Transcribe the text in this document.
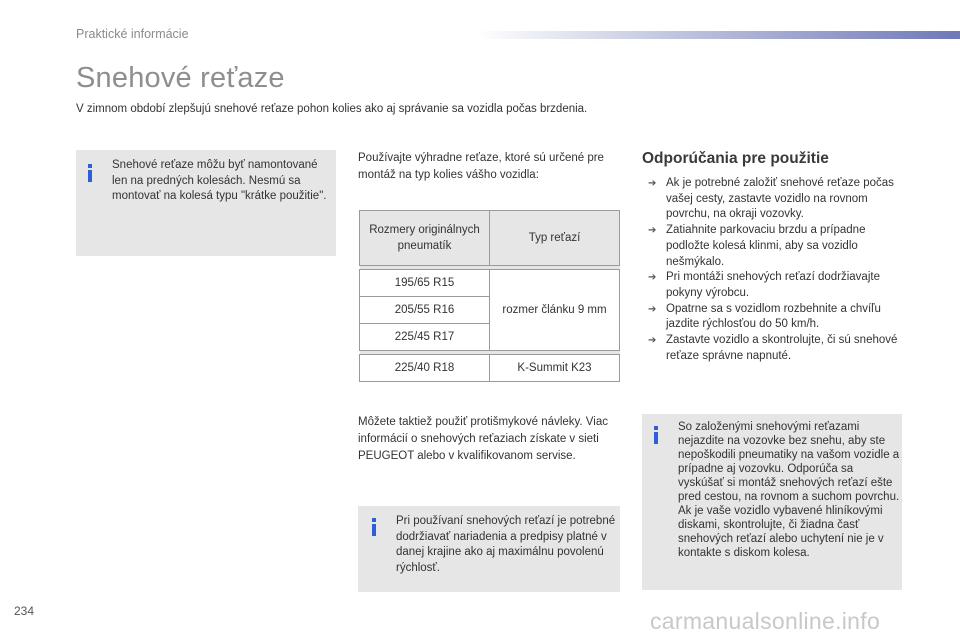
Praktické informácie
Snehové reťaze
V zimnom období zlepšujú snehové reťaze pohon kolies ako aj správanie sa vozidla počas brzdenia.
Snehové reťaze môžu byť namontované len na predných kolesách. Nesmú sa montovať na kolesá typu "krátke použitie".
Používajte výhradne reťaze, ktoré sú určené pre montáž na typ kolies vášho vozidla:
Rozmery originálnych pneumatík	Typ reťazí

195/65 R15	rozmer článku 9 mm
205/55 R16	
225/45 R17	

225/40 R18	K-Summit K23
Môžete taktiež použiť protišmykové návleky. Viac informácií o snehových reťaziach získate v sieti PEUGEOT alebo v kvalifikovanom servise.
Pri používaní snehových reťazí je potrebné dodržiavať nariadenia a predpisy platné v danej krajine ako aj maximálnu povolenú rýchlosť.
Odporúčania pre použitie
➔ Ak je potrebné založiť snehové reťaze počas vašej cesty, zastavte vozidlo na rovnom povrchu, na okraji vozovky.
➔ Zatiahnite parkovaciu brzdu a prípadne podložte kolesá klinmi, aby sa vozidlo nešmýkalo.
➔ Pri montáži snehových reťazí dodržiavajte pokyny výrobcu.
➔ Opatrne sa s vozidlom rozbehnite a chvíľu jazdite rýchlosťou do 50 km/h.
➔ Zastavte vozidlo a skontrolujte, či sú snehové reťaze správne napnuté.
So založenými snehovými reťazami nejazdite na vozovke bez snehu, aby ste nepoškodili pneumatiky na vašom vozidle a prípadne aj vozovku. Odporúča sa vyskúšať si montáž snehových reťazí ešte pred cestou, na rovnom a suchom povrchu. Ak je vaše vozidlo vybavené hliníkovými diskami, skontrolujte, či žiadna časť snehových reťazí alebo uchytení nie je v kontakte s diskom kolesa.
234	carmanualsonline.info
